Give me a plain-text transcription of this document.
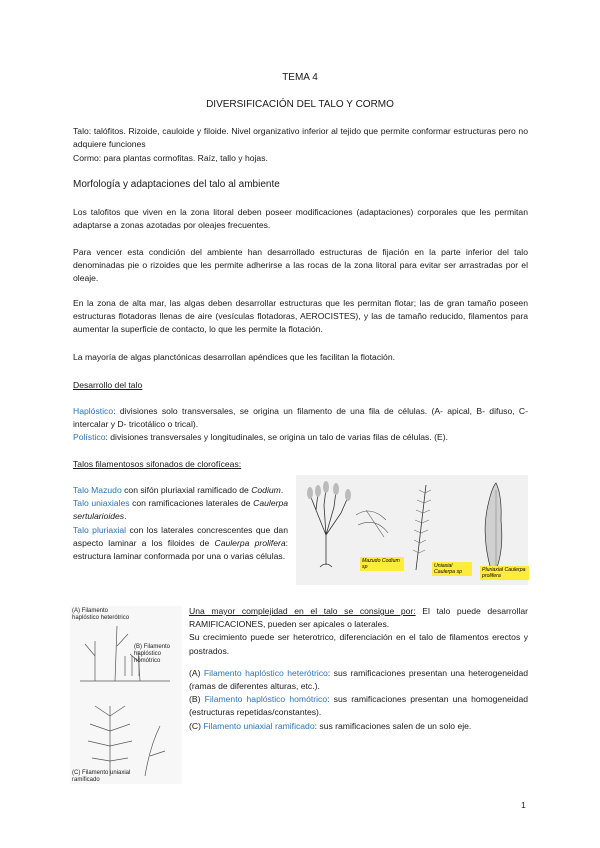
TEMA 4
DIVERSIFICACIÓN DEL TALO Y CORMO
Talo: talófitos. Rizoide, cauloide y filoide. Nivel organizativo inferior al tejido que permite conformar estructuras pero no adquiere funciones
Cormo: para plantas cormofitas. Raíz, tallo y hojas.
Morfología y adaptaciones del talo al ambiente
Los talofitos que viven en la zona litoral deben poseer modificaciones (adaptaciones) corporales que les permitan adaptarse a zonas azotadas por oleajes frecuentes.
Para vencer esta condición del ambiente han desarrollado estructuras de fijación en la parte inferior del talo denominadas pie o rizoides que les permite adherirse a las rocas de la zona litoral para evitar ser arrastradas por el oleaje.
En la zona de alta mar, las algas deben desarrollar estructuras que les permitan flotar; las de gran tamaño poseen estructuras flotadoras llenas de aire (vesículas flotadoras, AEROCISTES), y las de tamaño reducido, filamentos para aumentar la superficie de contacto, lo que les permite la flotación.
La mayoría de algas planctónicas desarrollan apéndices que les facilitan la flotación.
Desarrollo del talo
Haplóstico: divisiones solo transversales, se origina un filamento de una fila de células. (A- apical, B- difuso, C- intercalar y D- tricotálico o trical).
Polístico: divisiones transversales y longitudinales, se origina un talo de varias filas de células. (E).
Talos filamentosos sifonados de clorofíceas:
Talo Mazudo con sifón pluriaxial ramificado de Codium.
Talo uniaxiales con ramificaciones laterales de Caulerpa sertularioides.
Talo pluriaxial con los laterales concrescentes que dan aspecto laminar a los filoides de Caulerpa prolifera: estructura laminar conformada por una o varias células.	Mazudo Codium sp	Uniaxial Caulerpa sp	Pluriaxial Caulerpa prolifera
(A) Filamento haplóstico heterótrico
(B) Filamento haplóstico homótrico
(C) Filamento uniaxial ramificado
Una mayor complejidad en el talo se consigue por: El talo puede desarrollar RAMIFICACIONES, pueden ser apicales o laterales.
Su crecimiento puede ser heterotrico, diferenciación en el talo de filamentos erectos y postrados.
(A) Filamento haplóstico heterótrico: sus ramificaciones presentan una heterogeneidad (ramas de diferentes alturas, etc.).
(B) Filamento haplóstico homótrico: sus ramificaciones presentan una homogeneidad (estructuras repetidas/constantes).
(C) Filamento uniaxial ramificado: sus ramificaciones salen de un solo eje.
1
